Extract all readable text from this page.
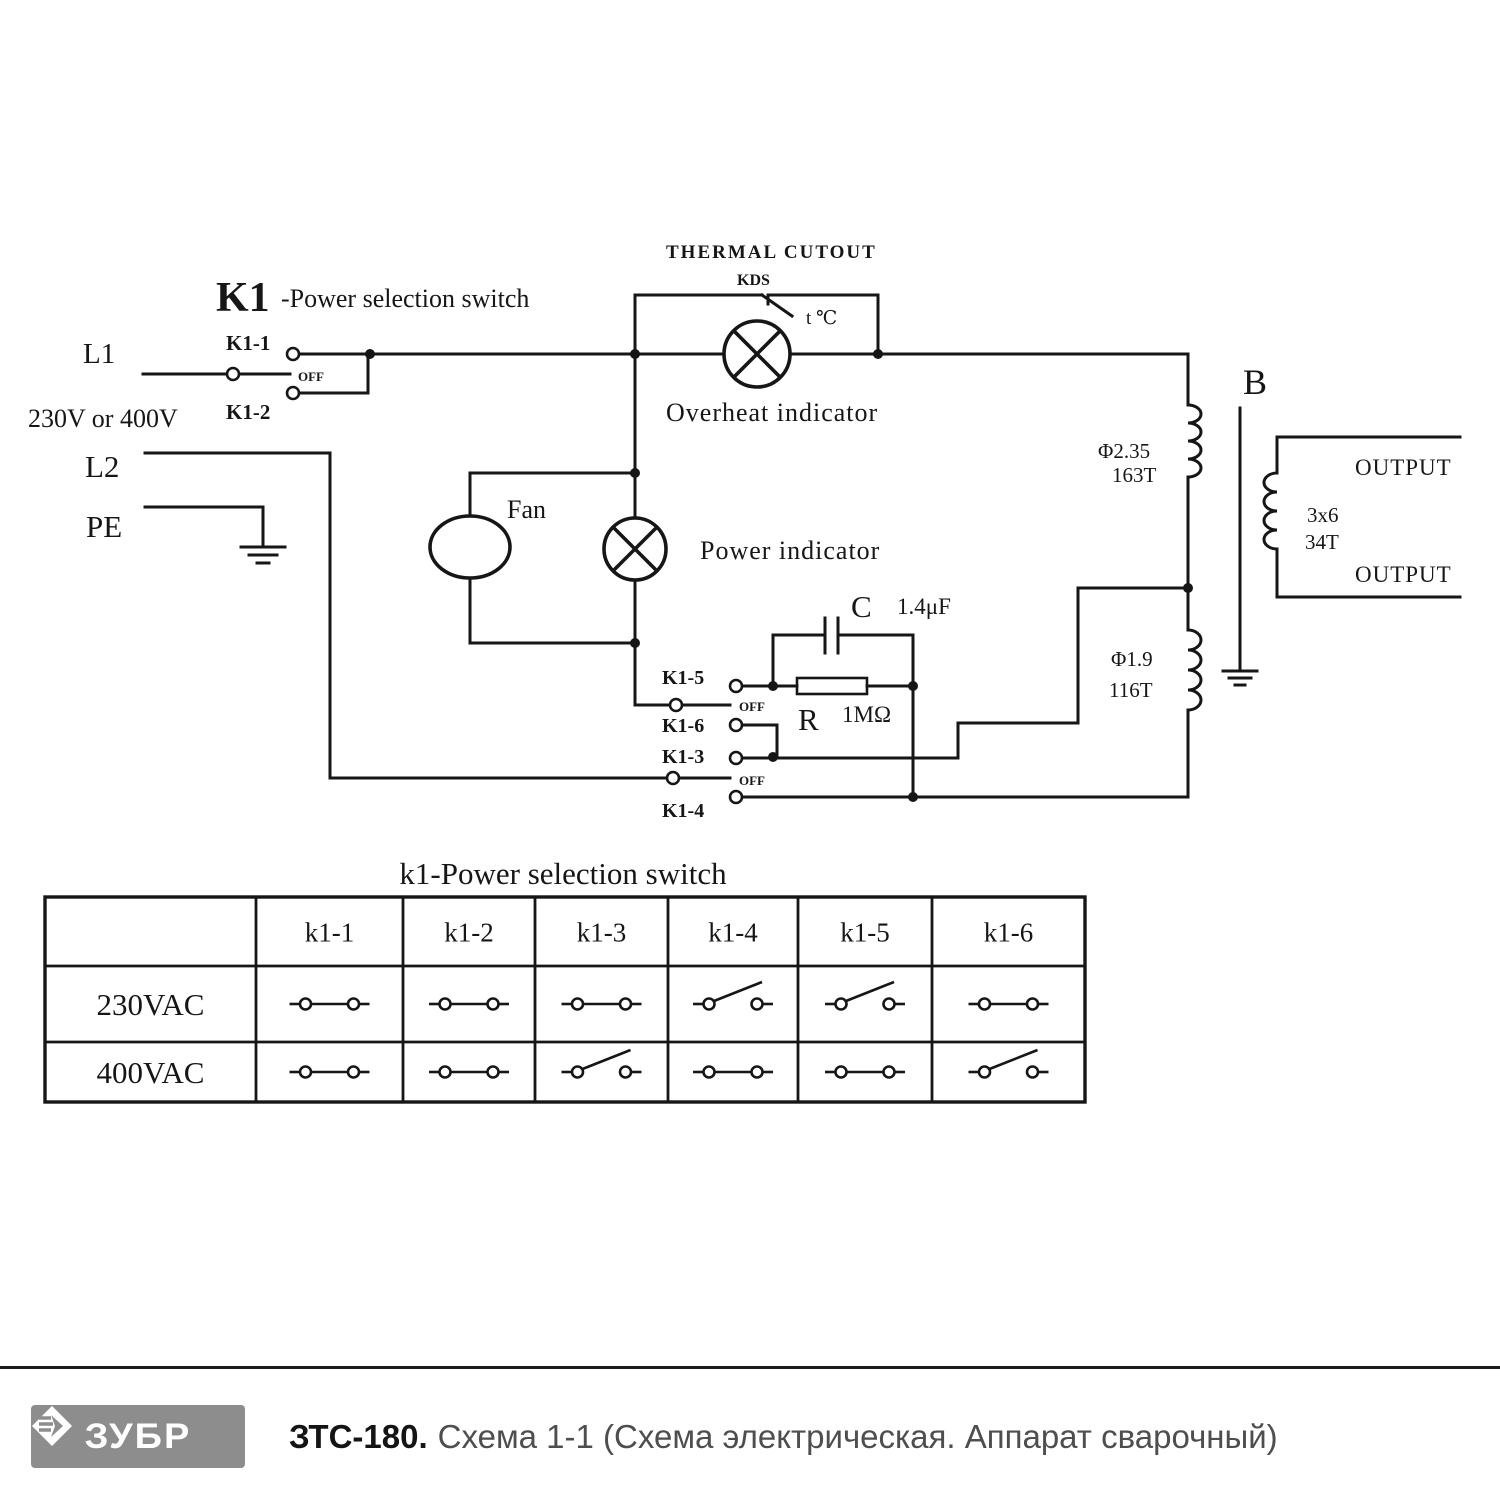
K1 -Power selection switch
L1
230V or 400V
L2
PE
K1-1
OFF
K1-2
THERMAL CUTOUT
KDS
t ℃
Overheat indicator
Fan
Power indicator
C 1.4μF
R 1MΩ
K1-5
OFF
K1-6
K1-3
OFF
K1-4
Φ2.35
163T
Φ1.9
116T
B
3x6
34T
OUTPUT
OUTPUT
k1-Power selection switch
k1-1	k1-2	k1-3	k1-4	k1-5	k1-6
230VAC
400VAC
ЗУБР	ЗТС-180. Схема 1-1 (Схема электрическая. Аппарат сварочный)
